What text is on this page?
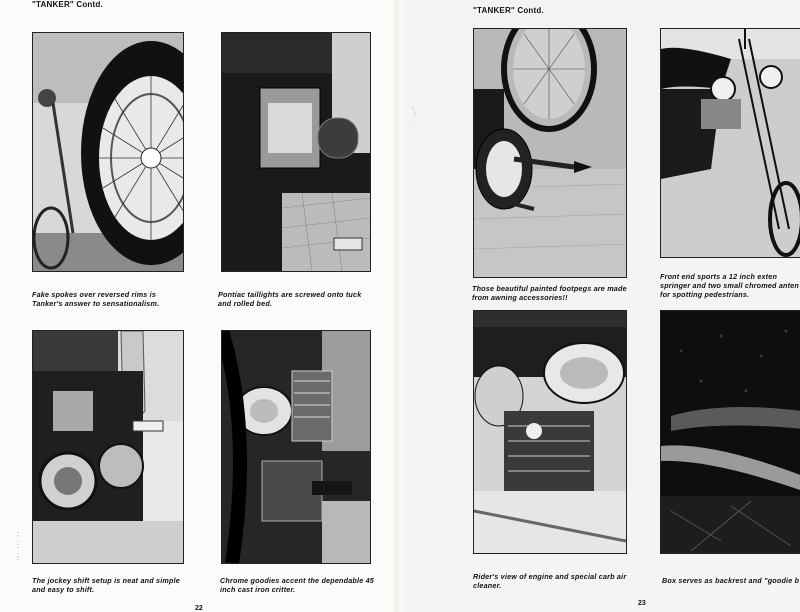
"TANKER" Contd.
Fake spokes over reversed rims is Tanker's answer to sensationalism.
Pontiac taillights are screwed onto tuck and rolled bed.
The jockey shift setup is neat and simple and easy to shift.
Chrome goodies accent the dependable 45 inch cast iron critter.
22
:
.
:
.
:
'·
·'
·
"TANKER" Contd.
Those beautiful painted footpegs are made from awning accessories!!
Front end sports a 12 inch exten springer and two small chromed anten for spotting pedestrians.
Rider's view of engine and special carb air cleaner.
Box serves as backrest and "goodie b
23
